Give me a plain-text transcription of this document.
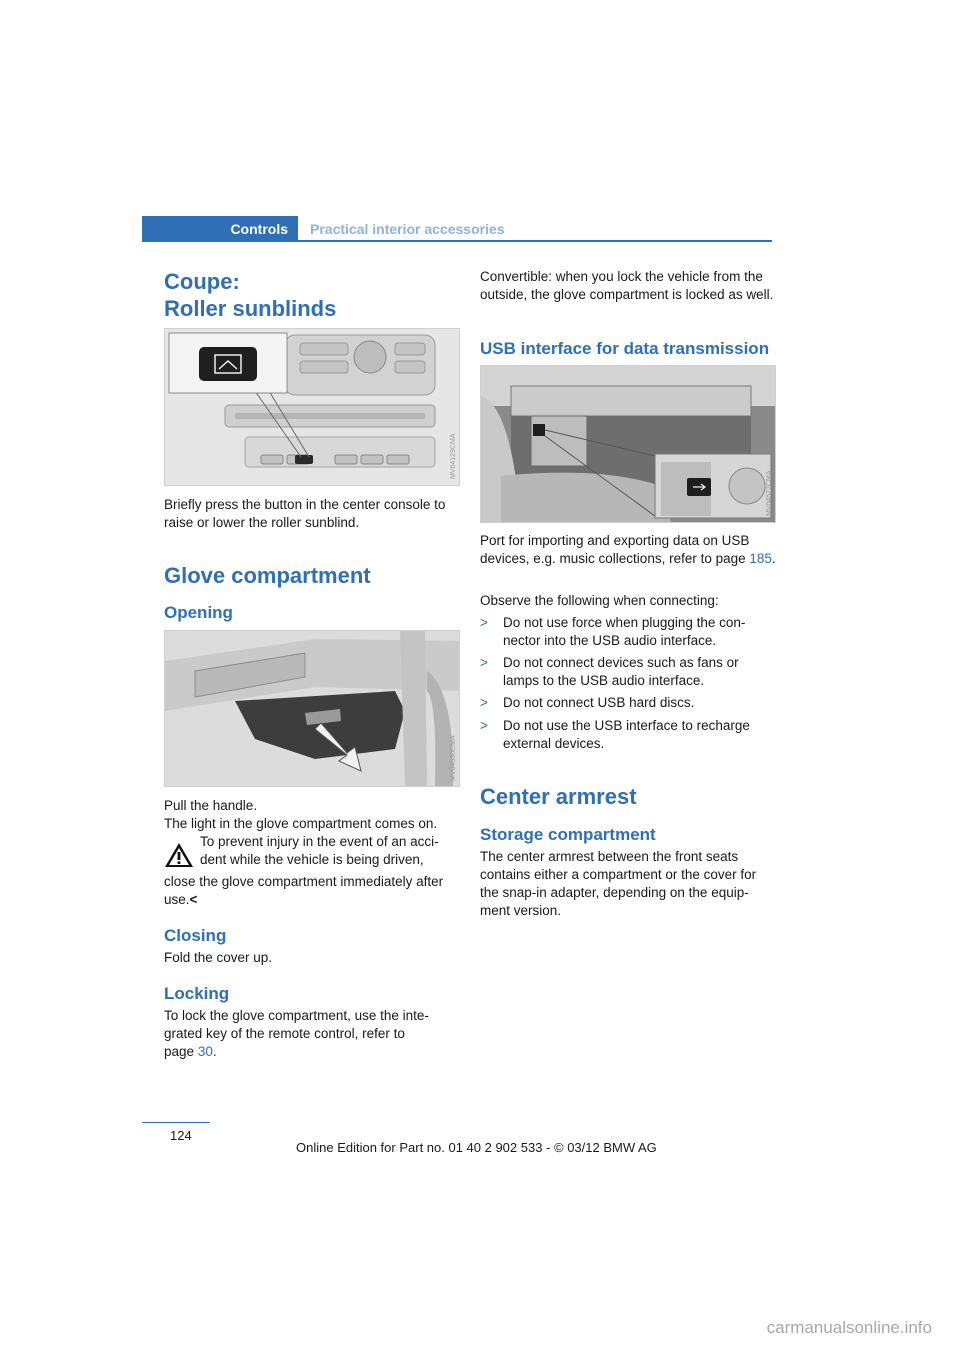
Controls Practical interior accessories
Coupe:
Roller sunblinds
MV04129CMA
Briefly press the button in the center console to raise or lower the roller sunblind.
Glove compartment
Opening
MV04530CMA
Pull the handle.
The light in the glove compartment comes on.
To prevent injury in the event of an acci-
dent while the vehicle is being driven,
close the glove compartment immediately after use.<
Closing
Fold the cover up.
Locking
To lock the glove compartment, use the inte- grated key of the remote control, refer to page 30.
Convertible: when you lock the vehicle from the outside, the glove compartment is locked as well.
USB interface for data transmission
MV04527CMA
Port for importing and exporting data on USB devices, e.g. music collections, refer to page 185.
Observe the following when connecting:
> Do not use force when plugging the con- nector into the USB audio interface.
> Do not connect devices such as fans or lamps to the USB audio interface.
> Do not connect USB hard discs.
> Do not use the USB interface to recharge external devices.
Center armrest
Storage compartment
The center armrest between the front seats contains either a compartment or the cover for the snap-in adapter, depending on the equip- ment version.
124
Online Edition for Part no. 01 40 2 902 533 - © 03/12 BMW AG
carmanualsonline.info
